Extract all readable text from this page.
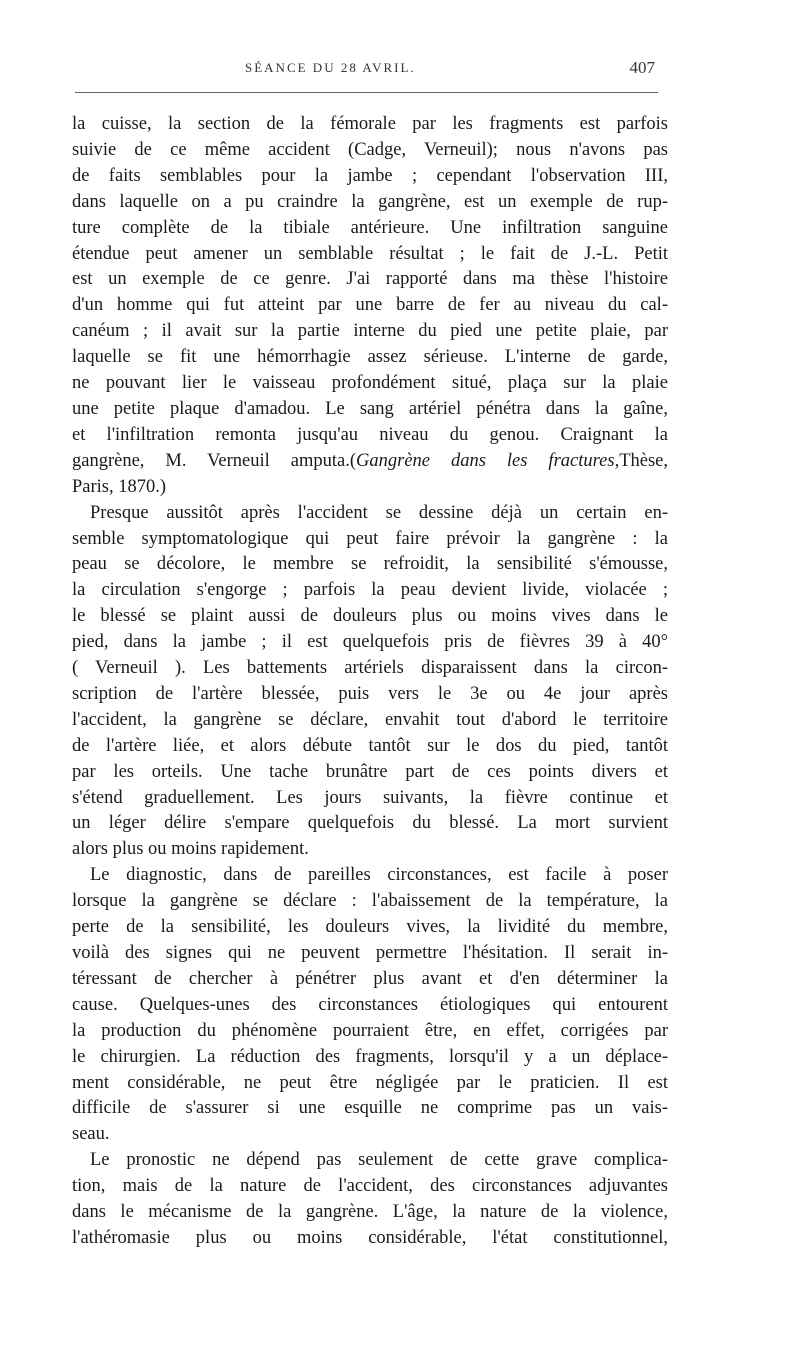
SÉANCE DU 28 AVRIL.	407
la cuisse, la section de la fémorale par les fragments est parfois
suivie de ce même accident (Cadge, Verneuil); nous n'avons pas
de faits semblables pour la jambe ; cependant l'observation III,
dans laquelle on a pu craindre la gangrène, est un exemple de rup-
ture complète de la tibiale antérieure. Une infiltration sanguine
étendue peut amener un semblable résultat ; le fait de J.-L. Petit
est un exemple de ce genre. J'ai rapporté dans ma thèse l'histoire
d'un homme qui fut atteint par une barre de fer au niveau du cal-
canéum ; il avait sur la partie interne du pied une petite plaie, par
laquelle se fit une hémorrhagie assez sérieuse. L'interne de garde,
ne pouvant lier le vaisseau profondément situé, plaça sur la plaie
une petite plaque d'amadou. Le sang artériel pénétra dans la gaîne,
et l'infiltration remonta jusqu'au niveau du genou. Craignant la
gangrène, M. Verneuil amputa.(Gangrène dans les fractures,Thèse,
Paris, 1870.)
Presque aussitôt après l'accident se dessine déjà un certain en-
semble symptomatologique qui peut faire prévoir la gangrène : la
peau se décolore, le membre se refroidit, la sensibilité s'émousse,
la circulation s'engorge ; parfois la peau devient livide, violacée ;
le blessé se plaint aussi de douleurs plus ou moins vives dans le
pied, dans la jambe ; il est quelquefois pris de fièvres 39 à 40°
( Verneuil ). Les battements artériels disparaissent dans la circon-
scription de l'artère blessée, puis vers le 3e ou 4e jour après
l'accident, la gangrène se déclare, envahit tout d'abord le territoire
de l'artère liée, et alors débute tantôt sur le dos du pied, tantôt
par les orteils. Une tache brunâtre part de ces points divers et
s'étend graduellement. Les jours suivants, la fièvre continue et
un léger délire s'empare quelquefois du blessé. La mort survient
alors plus ou moins rapidement.
Le diagnostic, dans de pareilles circonstances, est facile à poser
lorsque la gangrène se déclare : l'abaissement de la température, la
perte de la sensibilité, les douleurs vives, la lividité du membre,
voilà des signes qui ne peuvent permettre l'hésitation. Il serait in-
téressant de chercher à pénétrer plus avant et d'en déterminer la
cause. Quelques-unes des circonstances étiologiques qui entourent
la production du phénomène pourraient être, en effet, corrigées par
le chirurgien. La réduction des fragments, lorsqu'il y a un déplace-
ment considérable, ne peut être négligée par le praticien. Il est
difficile de s'assurer si une esquille ne comprime pas un vais-
seau.
Le pronostic ne dépend pas seulement de cette grave complica-
tion, mais de la nature de l'accident, des circonstances adjuvantes
dans le mécanisme de la gangrène. L'âge, la nature de la violence,
l'athéromasie plus ou moins considérable, l'état constitutionnel,
